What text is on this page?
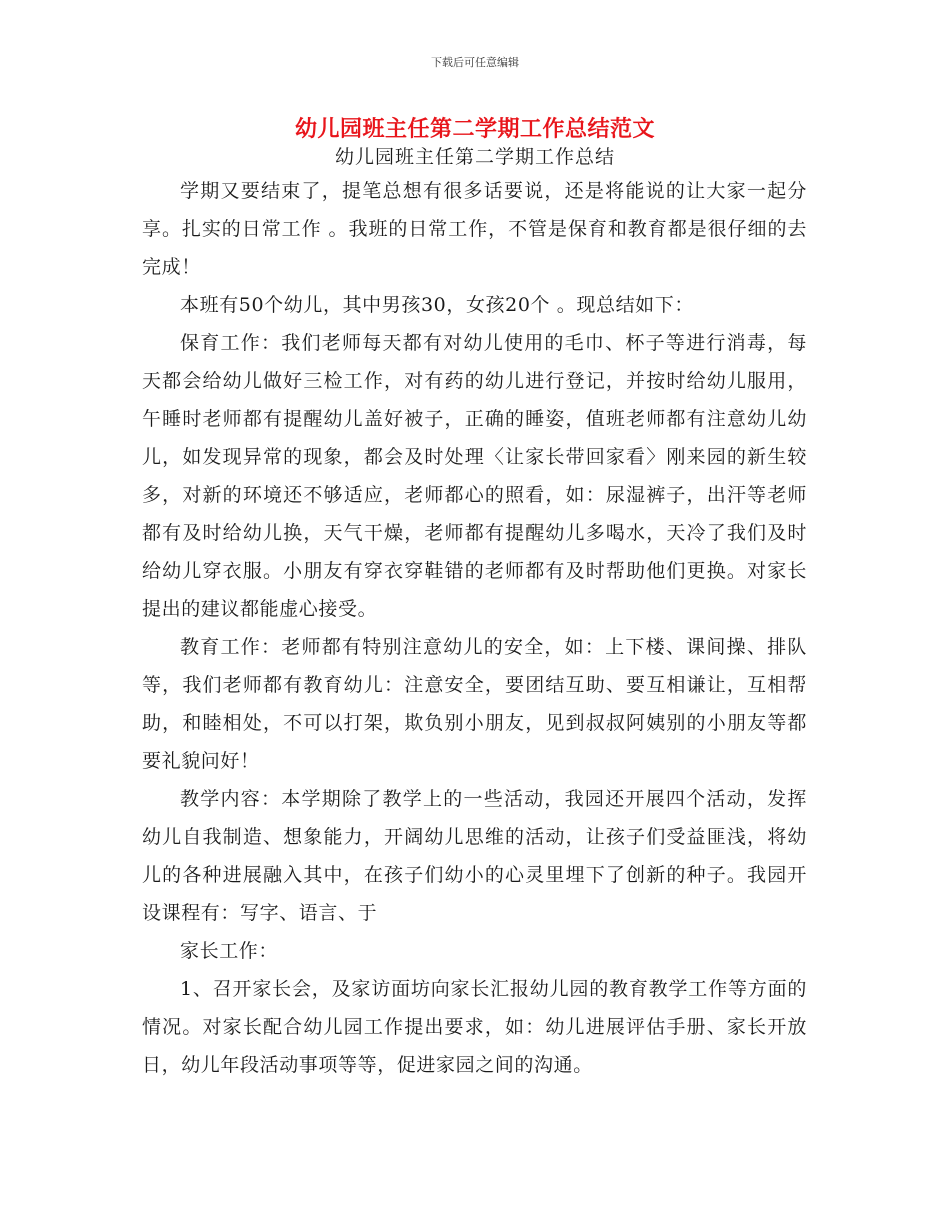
下载后可任意编辑
幼儿园班主任第二学期工作总结范文
幼儿园班主任第二学期工作总结

学期又要结束了，提笔总想有很多话要说，还是将能说的让大家一起分享。扎实的日常工作 。我班的日常工作，不管是保育和教育都是很仔细的去完成！

本班有50个幼儿，其中男孩30，女孩20个 。现总结如下：

保育工作：我们老师每天都有对幼儿使用的毛巾、杯子等进行消毒，每天都会给幼儿做好三检工作，对有药的幼儿进行登记，并按时给幼儿服用，午睡时老师都有提醒幼儿盖好被子，正确的睡姿，值班老师都有注意幼儿幼儿，如发现异常的现象，都会及时处理〈让家长带回家看〉刚来园的新生较多，对新的环境还不够适应，老师都心的照看，如：尿湿裤子，出汗等老师都有及时给幼儿换，天气干燥，老师都有提醒幼儿多喝水，天冷了我们及时给幼儿穿衣服。小朋友有穿衣穿鞋错的老师都有及时帮助他们更换。对家长提出的建议都能虚心接受。

教育工作：老师都有特别注意幼儿的安全，如：上下楼、课间操、排队等，我们老师都有教育幼儿：注意安全，要团结互助、要互相谦让，互相帮助，和睦相处，不可以打架，欺负别小朋友，见到叔叔阿姨别的小朋友等都要礼貌问好！

教学内容：本学期除了教学上的一些活动，我园还开展四个活动，发挥幼儿自我制造、想象能力，开阔幼儿思维的活动，让孩子们受益匪浅，将幼儿的各种进展融入其中，在孩子们幼小的心灵里埋下了创新的种子。我园开设课程有：写字、语言、于

家长工作：

1、召开家长会，及家访面坊向家长汇报幼儿园的教育教学工作等方面的情况。对家长配合幼儿园工作提出要求，如：幼儿进展评估手册、家长开放日，幼儿年段活动事项等等，促进家园之间的沟通。
